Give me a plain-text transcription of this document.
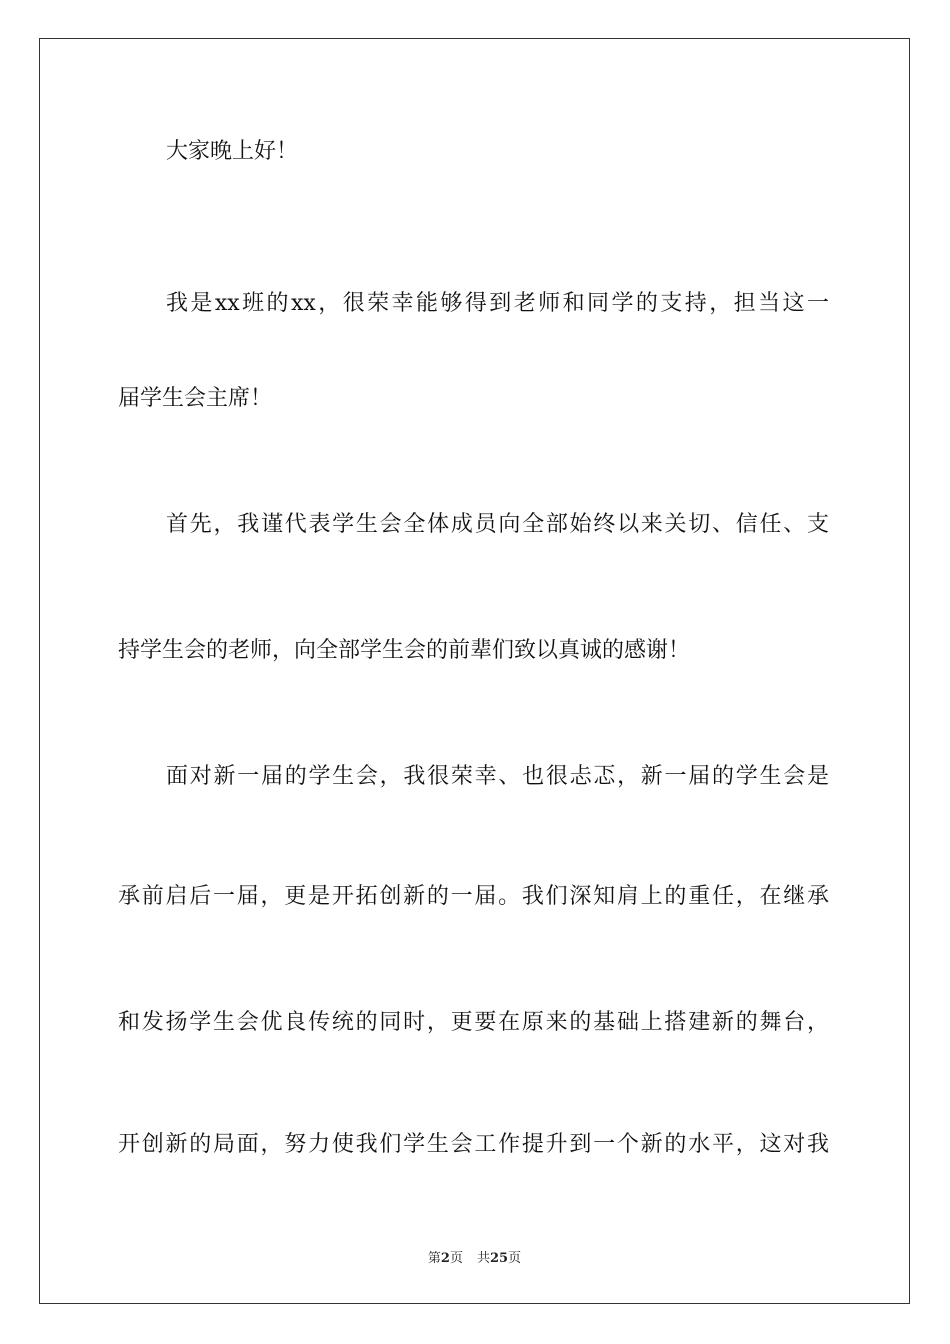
大家晚上好！
我是xx班的xx，很荣幸能够得到老师和同学的支持，担当这一
届学生会主席！
首先，我谨代表学生会全体成员向全部始终以来关切、信任、支
持学生会的老师，向全部学生会的前辈们致以真诚的感谢！
面对新一届的学生会，我很荣幸、也很忐忑，新一届的学生会是
承前启后一届，更是开拓创新的一届。我们深知肩上的重任，在继承
和发扬学生会优良传统的同时，更要在原来的基础上搭建新的舞台，
开创新的局面，努力使我们学生会工作提升到一个新的水平，这对我
第2页 共25页
